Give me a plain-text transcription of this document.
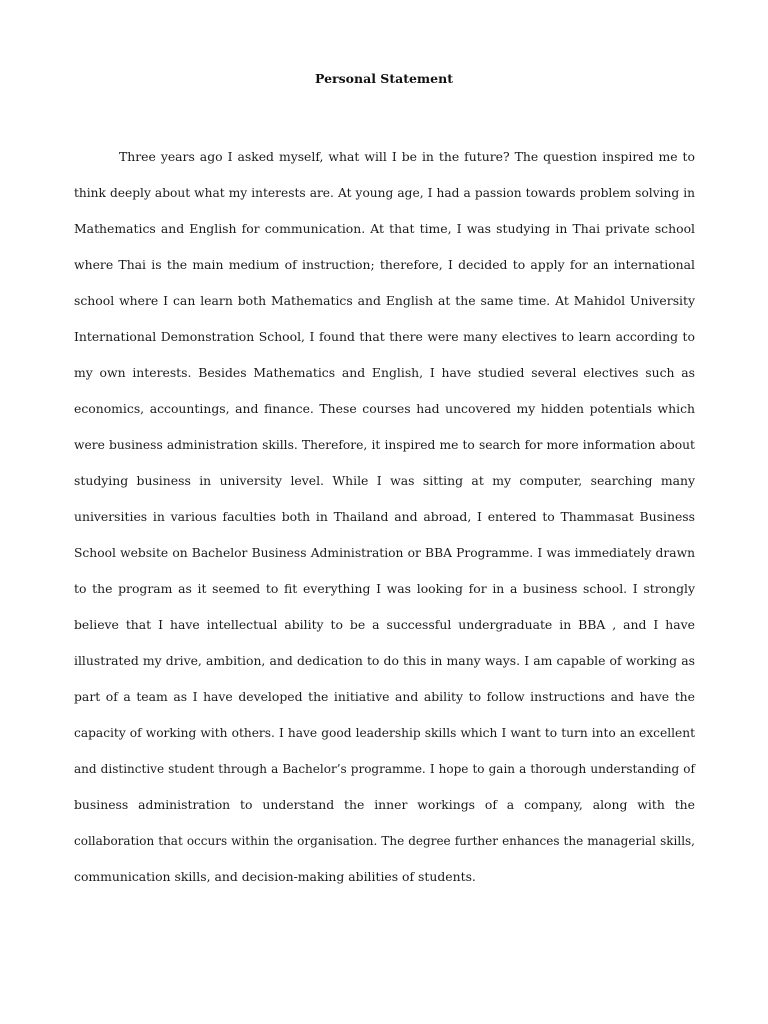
Personal Statement
Three years ago I asked myself, what will I be in the future? The question inspired me to
think deeply about what my interests are. At young age, I had a passion towards problem solving in
Mathematics and English for communication. At that time, I was studying in Thai private school
where Thai is the main medium of instruction; therefore, I decided to apply for an international
school where I can learn both Mathematics and English at the same time. At Mahidol University
International Demonstration School, I found that there were many electives to learn according to
my own interests. Besides Mathematics and English, I have studied several electives such as
economics, accountings, and finance. These courses had uncovered my hidden potentials which
were business administration skills. Therefore, it inspired me to search for more information about
studying business in university level. While I was sitting at my computer, searching many
universities in various faculties both in Thailand and abroad, I entered to Thammasat Business
School website on Bachelor Business Administration or BBA Programme. I was immediately drawn
to the program as it seemed to fit everything I was looking for in a business school. I strongly
believe that I have intellectual ability to be a successful undergraduate in BBA , and I have
illustrated my drive, ambition, and dedication to do this in many ways. I am capable of working as
part of a team as I have developed the initiative and ability to follow instructions and have the
capacity of working with others. I have good leadership skills which I want to turn into an excellent
and distinctive student through a Bachelor’s programme. I hope to gain a thorough understanding of
business administration to understand the inner workings of a company, along with the
collaboration that occurs within the organisation. The degree further enhances the managerial skills,
communication skills, and decision-making abilities of students.
